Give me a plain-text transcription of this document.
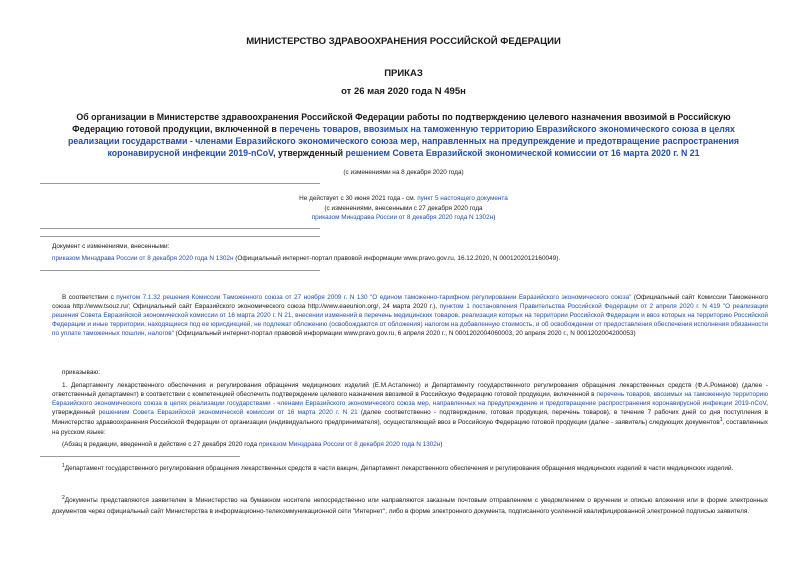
МИНИСТЕРСТВО ЗДРАВООХРАНЕНИЯ РОССИЙСКОЙ ФЕДЕРАЦИИ
ПРИКАЗ
от 26 мая 2020 года N 495н
Об организации в Министерстве здравоохранения Российской Федерации работы по подтверждению целевого назначения ввозимой в Российскую Федерацию готовой продукции, включенной в перечень товаров, ввозимых на таможенную территорию Евразийского экономического союза в целях реализации государствами - членами Евразийского экономического союза мер, направленных на предупреждение и предотвращение распространения коронавирусной инфекции 2019-nCoV, утвержденный решением Совета Евразийской экономической комиссии от 16 марта 2020 г. N 21
(с изменениями на 8 декабря 2020 года)
Не действует с 30 июня 2021 года - см. пункт 5 настоящего документа
(с изменениями, внесенными с 27 декабря 2020 года
приказом Минздрава России от 8 декабря 2020 года N 1302н)
Документ с изменениями, внесенными:
приказом Минздрава России от 8 декабря 2020 года N 1302н (Официальный интернет-портал правовой информации www.pravo.gov.ru, 16.12.2020, N 0001202012160049).
В соответствии с пунктом 7.1.32 решения Комиссии Таможенного союза от 27 ноября 2009 г. N 130 "О едином таможенно-тарифном регулировании Евразийского экономического союза" (Официальный сайт Комиссии Таможенного союза http://www.tsouz.ru/; Официальный сайт Евразийского экономического союза http://www.eaeunion.org/, 24 марта 2020 г.), пунктом 1 постановления Правительства Российской Федерации от 2 апреля 2020 г. N 419 "О реализации решения Совета Евразийской экономической комиссии от 16 марта 2020 г. N 21, внесении изменений в перечень медицинских товаров, реализация которых на территории Российской Федерации и ввоз которых на территорию Российской Федерации и иные территории, находящиеся под ее юрисдикцией, не подлежат обложению (освобождаются от обложения) налогом на добавленную стоимость, и об освобождении от предоставления обеспечения исполнения обязанности по уплате таможенных пошлин, налогов" (Официальный интернет-портал правовой информации www.pravo.gov.ru, 6 апреля 2020 г., N 0001202004060003, 20 апреля 2020 г., N 0001202004200053)
приказываю:
1. Департаменту лекарственного обеспечения и регулирования обращения медицинских изделий (Е.М.Астапенко) и Департаменту государственного регулирования обращения лекарственных средств (Ф.А.Романов) (далее - ответственный департамент) в соответствии с компетенцией обеспечить подтверждение целевого назначения ввозимой в Российскую Федерацию готовой продукции, включенной в перечень товаров, ввозимых на таможенную территорию Евразийского экономического союза в целях реализации государствами - членами Евразийского экономического союза мер, направленных на предупреждение и предотвращение распространения коронавирусной инфекции 2019-nCoV, утвержденный решением Совета Евразийской экономической комиссии от 16 марта 2020 г. N 21 (далее соответственно - подтверждение, готовая продукция, перечень товаров), в течение 7 рабочих дней со дня поступления в Министерство здравоохранения Российской Федерации от организации (индивидуального предпринимателя), осуществляющей ввоз в Российскую Федерацию готовой продукции (далее - заявитель) следующих документов$^1$, составленных на русском языке:
(Абзац в редакции, введенной в действие с 27 декабря 2020 года приказом Минздрава России от 8 декабря 2020 года N 1302н)
$^1$Департамент государственного регулирования обращения лекарственных средств в части вакцин, Департамент лекарственного обеспечения и регулирования обращения медицинских изделий в части медицинских изделий.
$^2$Документы представляются заявителем в Министерство на бумажном носителе непосредственно или направляются заказным почтовым отправлением с уведомлением о вручении и описью вложения или в форме электронных документов через официальный сайт Министерства в информационно-телекоммуникационной сети "Интернет", либо в форме электронного документа, подписанного усиленной квалифицированной электронной подписью заявителя.
